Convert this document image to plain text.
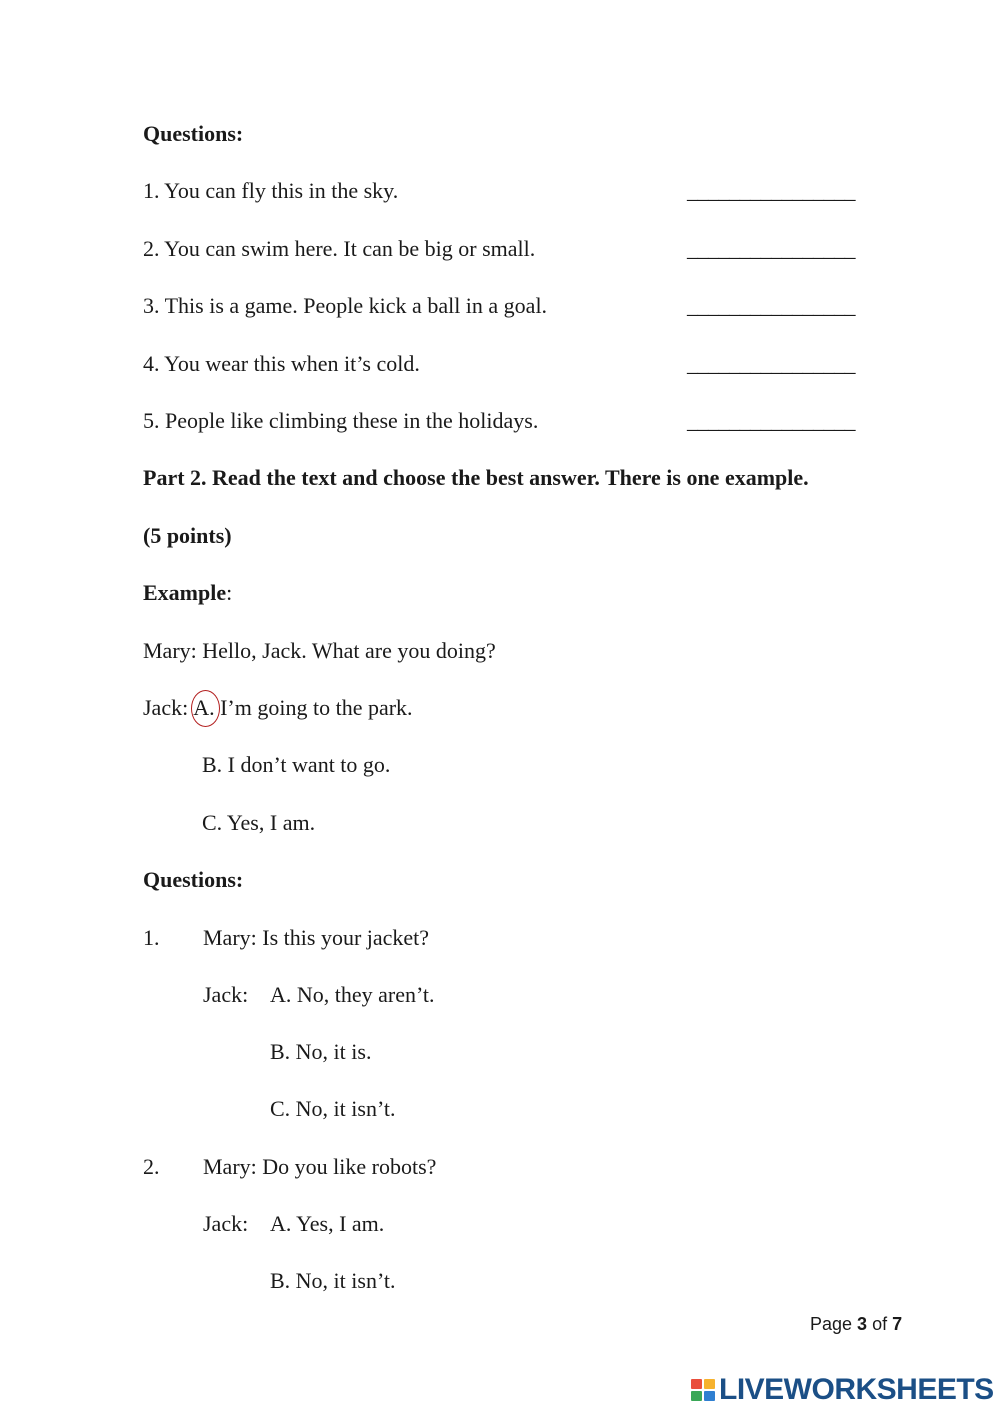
Questions:
1. You can fly this in the sky.	________________
2. You can swim here. It can be big or small.	________________
3. This is a game. People kick a ball in a goal.	________________
4. You wear this when it’s cold.	________________
5. People like climbing these in the holidays.	________________
Part 2. Read the text and choose the best answer. There is one example.
(5 points)
Example:
Mary: Hello, Jack. What are you doing?
Jack: A. I’m going to the park.
B. I don’t want to go.
C. Yes, I am.
Questions:
1. Mary: Is this your jacket?
Jack: A. No, they aren’t.
B. No, it is.
C. No, it isn’t.
2. Mary: Do you like robots?
Jack: A. Yes, I am.
B. No, it isn’t.
Page 3 of 7
LIVEWORKSHEETS
